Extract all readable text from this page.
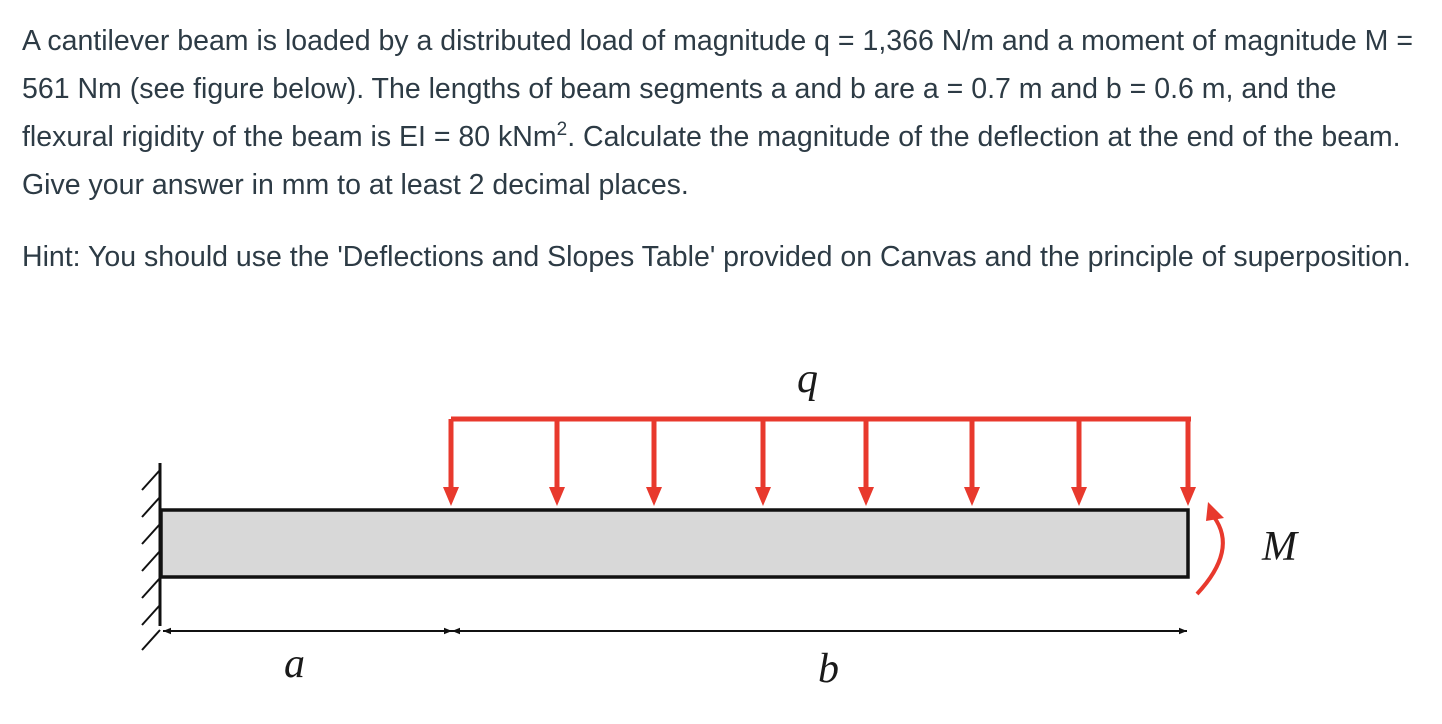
A cantilever beam is loaded by a distributed load of magnitude q = 1,366 N/m and a moment of magnitude M = 561 Nm (see figure below). The lengths of beam segments a and b are a = 0.7 m and b = 0.6 m, and the flexural rigidity of the beam is EI = 80 kNm$^2$. Calculate the magnitude of the deflection at the end of the beam. Give your answer in mm to at least 2 decimal places.

Hint: You should use the 'Deflections and Slopes Table' provided on Canvas and the principle of superposition.

q
M
a	b
